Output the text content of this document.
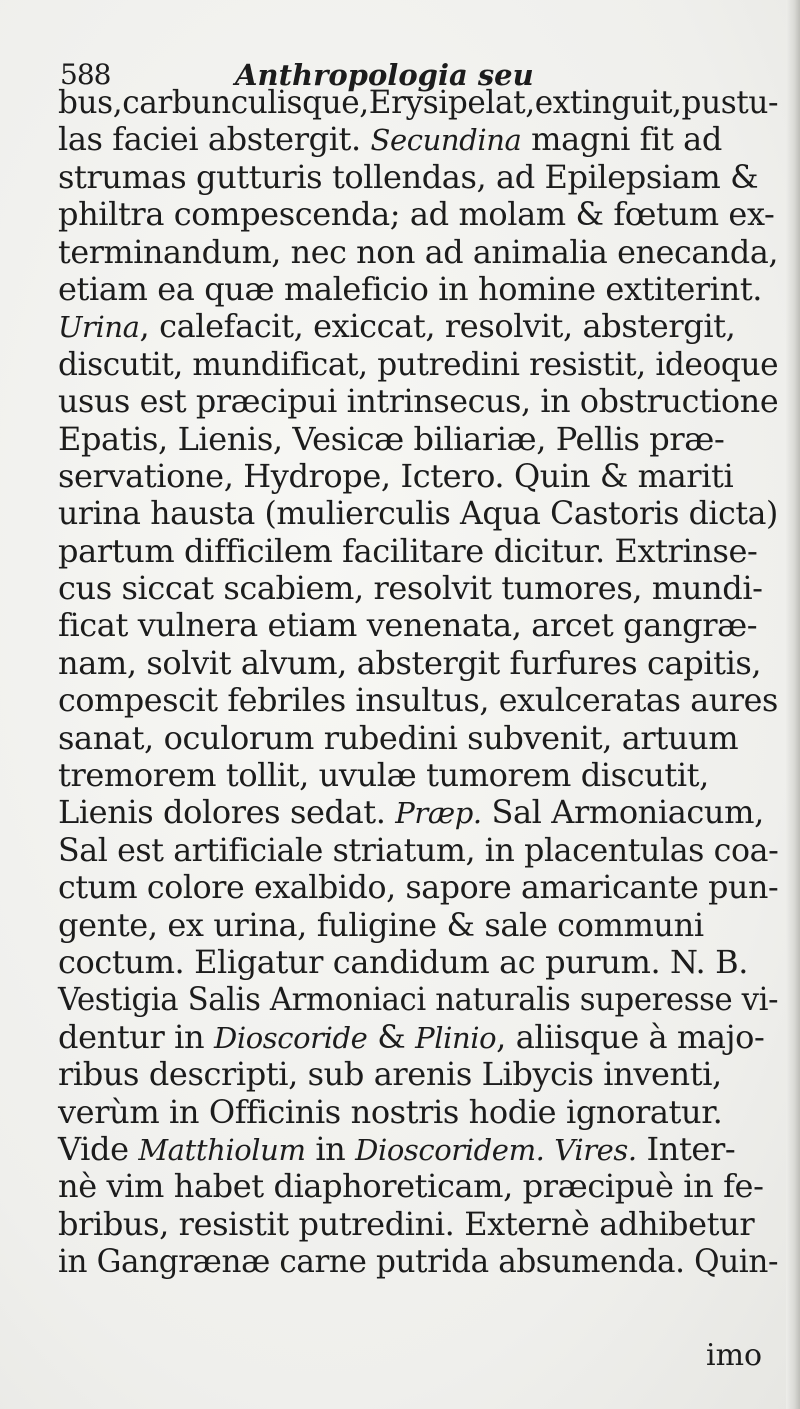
588	Anthropologia seu
bus,carbunculisque,Erysipelat,extinguit,pustu-
las faciei abstergit. Secundina magni fit ad
strumas gutturis tollendas, ad Epilepsiam &
philtra compescenda; ad molam & fœtum ex-
terminandum, nec non ad animalia enecanda,
etiam ea quæ maleficio in homine extiterint.
Urina, calefacit, exiccat, resolvit, abstergit,
discutit, mundificat, putredini resistit, ideoque
usus est præcipui intrinsecus, in obstructione
Epatis, Lienis, Vesicæ biliariæ, Pellis præ-
servatione, Hydrope, Ictero. Quin & mariti
urina hausta (mulierculis Aqua Castoris dicta)
partum difficilem facilitare dicitur. Extrinse-
cus siccat scabiem, resolvit tumores, mundi-
ficat vulnera etiam venenata, arcet gangræ-
nam, solvit alvum, abstergit furfures capitis,
compescit febriles insultus, exulceratas aures
sanat, oculorum rubedini subvenit, artuum
tremorem tollit, uvulæ tumorem discutit,
Lienis dolores sedat. Præp. Sal Armoniacum,
Sal est artificiale striatum, in placentulas coa-
ctum colore exalbido, sapore amaricante pun-
gente, ex urina, fuligine & sale communi
coctum. Eligatur candidum ac purum. N. B.
Vestigia Salis Armoniaci naturalis superesse vi-
dentur in Dioscoride & Plinio, aliisque à majo-
ribus descripti, sub arenis Libycis inventi,
verùm in Officinis nostris hodie ignoratur.
Vide Matthiolum in Dioscoridem. Vires. Inter-
nè vim habet diaphoreticam, præcipuè in fe-
bribus, resistit putredini. Externè adhibetur
in Gangrænæ carne putrida absumenda. Quin-
imo
